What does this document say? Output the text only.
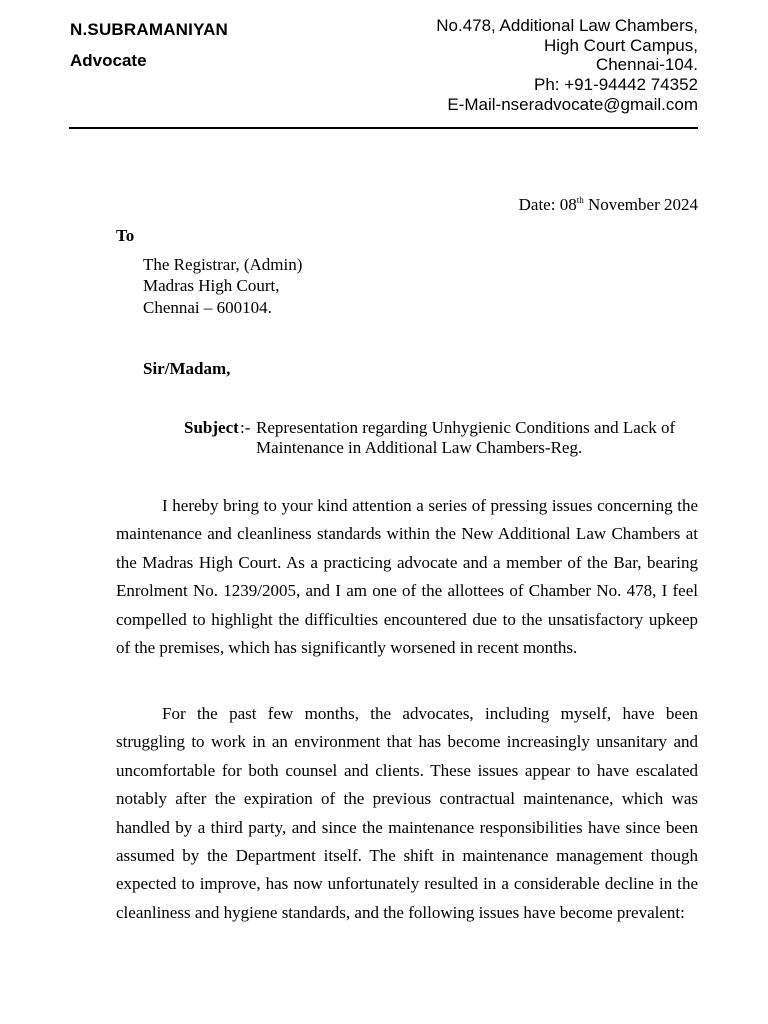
N.SUBRAMANIYAN
Advocate
No.478, Additional Law Chambers,
High Court Campus,
Chennai-104.
Ph: +91-94442 74352
E-Mail-nseradvocate@gmail.com
Date: 08th November 2024
To
The Registrar, (Admin)
Madras High Court,
Chennai – 600104.
Sir/Madam,
Subject :- Representation regarding Unhygienic Conditions and Lack of Maintenance in Additional Law Chambers-Reg.

I hereby bring to your kind attention a series of pressing issues concerning the maintenance and cleanliness standards within the New Additional Law Chambers at the Madras High Court. As a practicing advocate and a member of the Bar, bearing Enrolment No. 1239/2005, and I am one of the allottees of Chamber No. 478, I feel compelled to highlight the difficulties encountered due to the unsatisfactory upkeep of the premises, which has significantly worsened in recent months.

For the past few months, the advocates, including myself, have been struggling to work in an environment that has become increasingly unsanitary and uncomfortable for both counsel and clients. These issues appear to have escalated notably after the expiration of the previous contractual maintenance, which was handled by a third party, and since the maintenance responsibilities have since been assumed by the Department itself. The shift in maintenance management though expected to improve, has now unfortunately resulted in a considerable decline in the cleanliness and hygiene standards, and the following issues have become prevalent:
